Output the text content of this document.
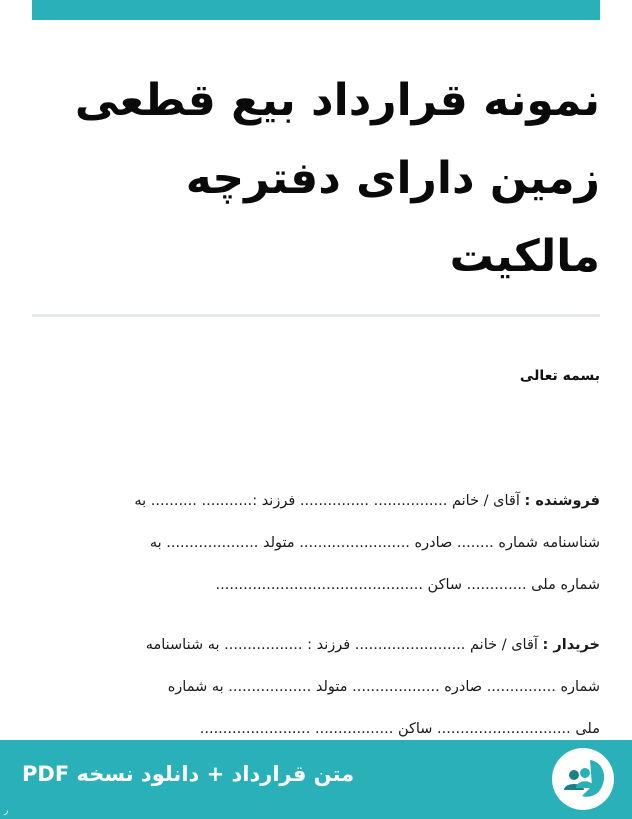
نمونه قرارداد بیع قطعی
زمین دارای دفترچه
مالکیت
بسمه تعالی
فروشنده : آقای / خانم ................ ............... فرزند :........... .......... به
شناسنامه شماره ........ صادره ........................ متولد .................... به
شماره ملی ............. ساکن .............................................
خریدار : آقای / خانم ........................ فرزند : ................. به شناسنامه
شماره ............... صادره ................... متولد .................. به شماره
ملی ............................. ساکن ................. ........................
متن قرارداد + دانلود نسخه PDF
ر
